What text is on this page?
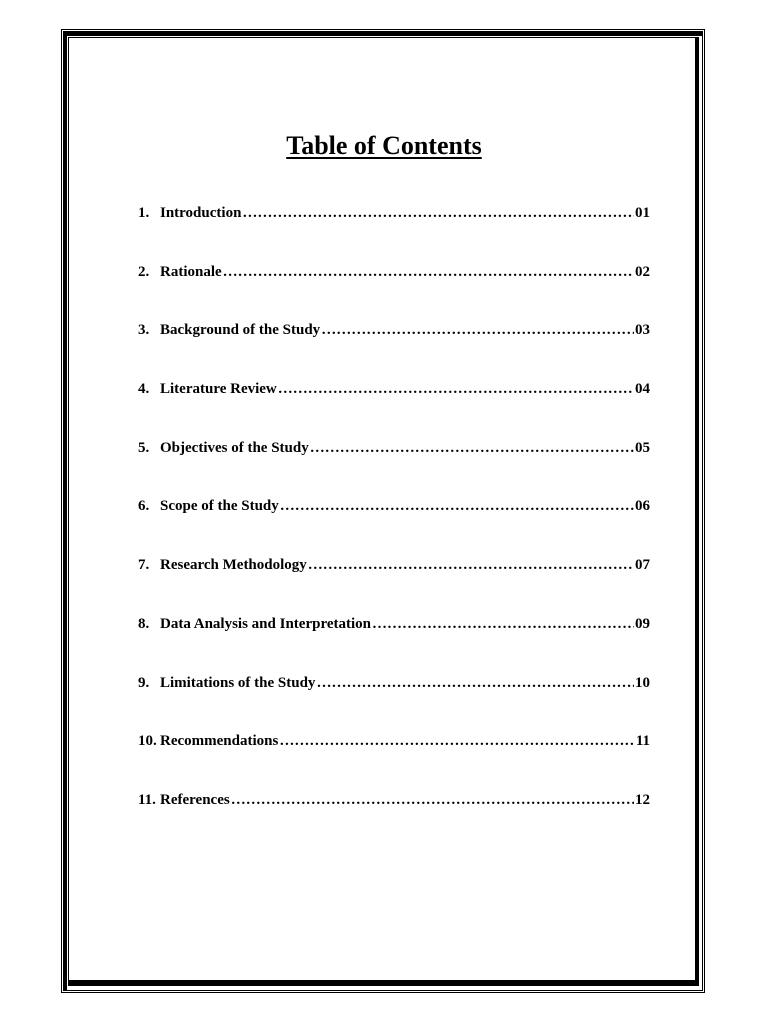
Table of Contents
1. Introduction ………………………………………………………………………………………………………………………………………………………………	01
2. Rationale ………………………………………………………………………………………………………………………………………………………………	02
3. Background of the Study ………………………………………………………………………………………………………………………………………………………………	03
4. Literature Review ………………………………………………………………………………………………………………………………………………………………	04
5. Objectives of the Study ………………………………………………………………………………………………………………………………………………………………	05
6. Scope of the Study ………………………………………………………………………………………………………………………………………………………………	06
7. Research Methodology ………………………………………………………………………………………………………………………………………………………………	07
8. Data Analysis and Interpretation ………………………………………………………………………………………………………………………………………………………………	09
9. Limitations of the Study ………………………………………………………………………………………………………………………………………………………………	10
10. Recommendations ………………………………………………………………………………………………………………………………………………………………	11
11. References ………………………………………………………………………………………………………………………………………………………………	12
